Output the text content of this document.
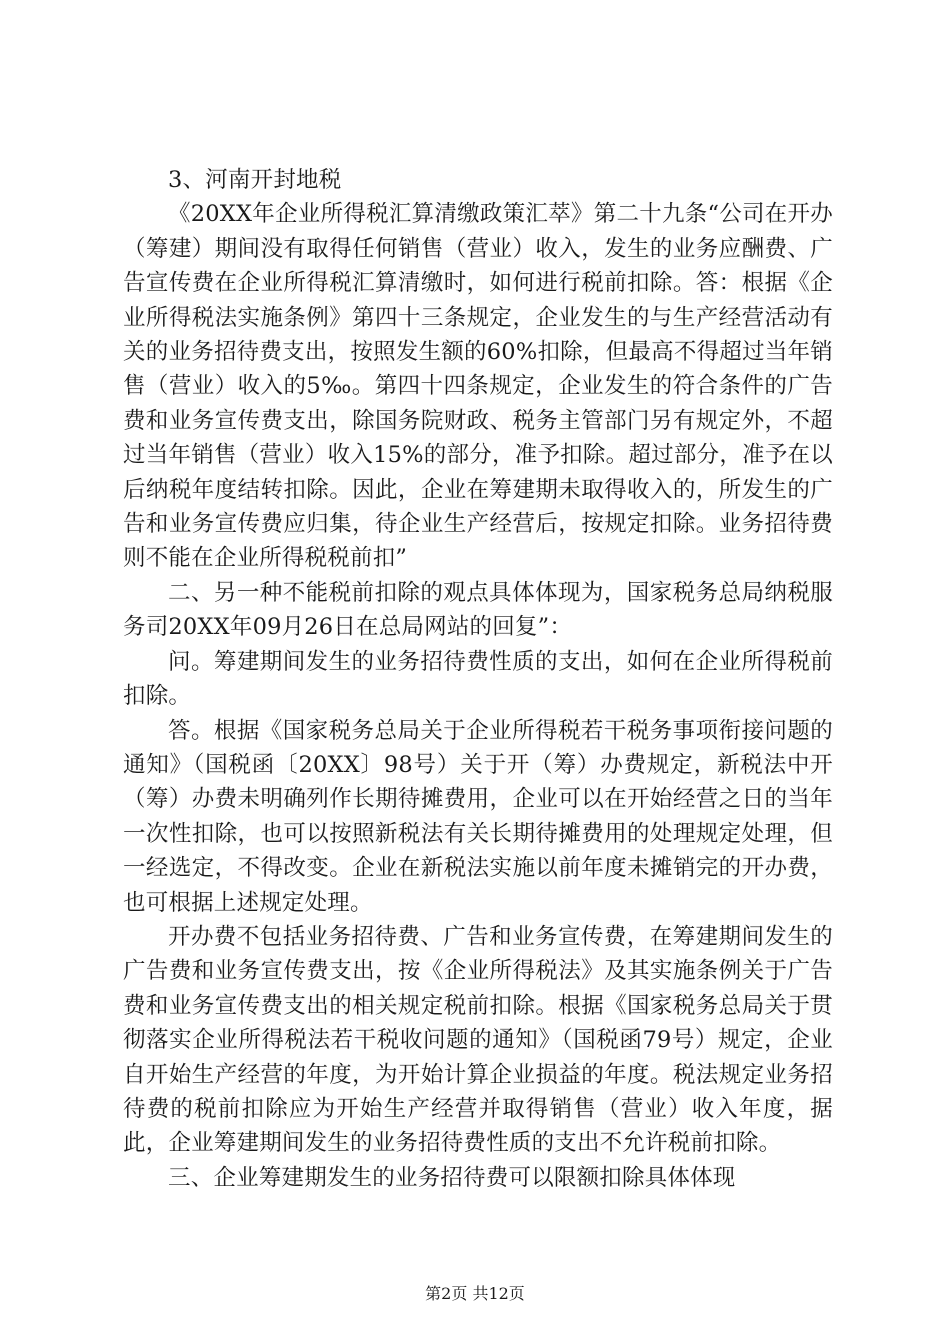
3、河南开封地税

《20XX年企业所得税汇算清缴政策汇萃》第二十九条“公司在开办（筹建）期间没有取得任何销售（营业）收入，发生的业务应酬费、广告宣传费在企业所得税汇算清缴时，如何进行税前扣除。答：根据《企业所得税法实施条例》第四十三条规定，企业发生的与生产经营活动有关的业务招待费支出，按照发生额的60%扣除，但最高不得超过当年销售（营业）收入的5‰。第四十四条规定，企业发生的符合条件的广告费和业务宣传费支出，除国务院财政、税务主管部门另有规定外，不超过当年销售（营业）收入15%的部分，准予扣除。超过部分，准予在以后纳税年度结转扣除。因此，企业在筹建期未取得收入的，所发生的广告和业务宣传费应归集，待企业生产经营后，按规定扣除。业务招待费则不能在企业所得税税前扣”

二、另一种不能税前扣除的观点具体体现为，国家税务总局纳税服务司20XX年09月26日在总局网站的回复”：

问。筹建期间发生的业务招待费性质的支出，如何在企业所得税前扣除。

答。根据《国家税务总局关于企业所得税若干税务事项衔接问题的通知》（国税函〔20XX〕98号）关于开（筹）办费规定，新税法中开（筹）办费未明确列作长期待摊费用，企业可以在开始经营之日的当年一次性扣除，也可以按照新税法有关长期待摊费用的处理规定处理，但一经选定，不得改变。企业在新税法实施以前年度未摊销完的开办费，也可根据上述规定处理。

开办费不包括业务招待费、广告和业务宣传费，在筹建期间发生的广告费和业务宣传费支出，按《企业所得税法》及其实施条例关于广告费和业务宣传费支出的相关规定税前扣除。根据《国家税务总局关于贯彻落实企业所得税法若干税收问题的通知》（国税函79号）规定，企业自开始生产经营的年度，为开始计算企业损益的年度。税法规定业务招待费的税前扣除应为开始生产经营并取得销售（营业）收入年度，据此，企业筹建期间发生的业务招待费性质的支出不允许税前扣除。

三、企业筹建期发生的业务招待费可以限额扣除具体体现

第2页 共12页
